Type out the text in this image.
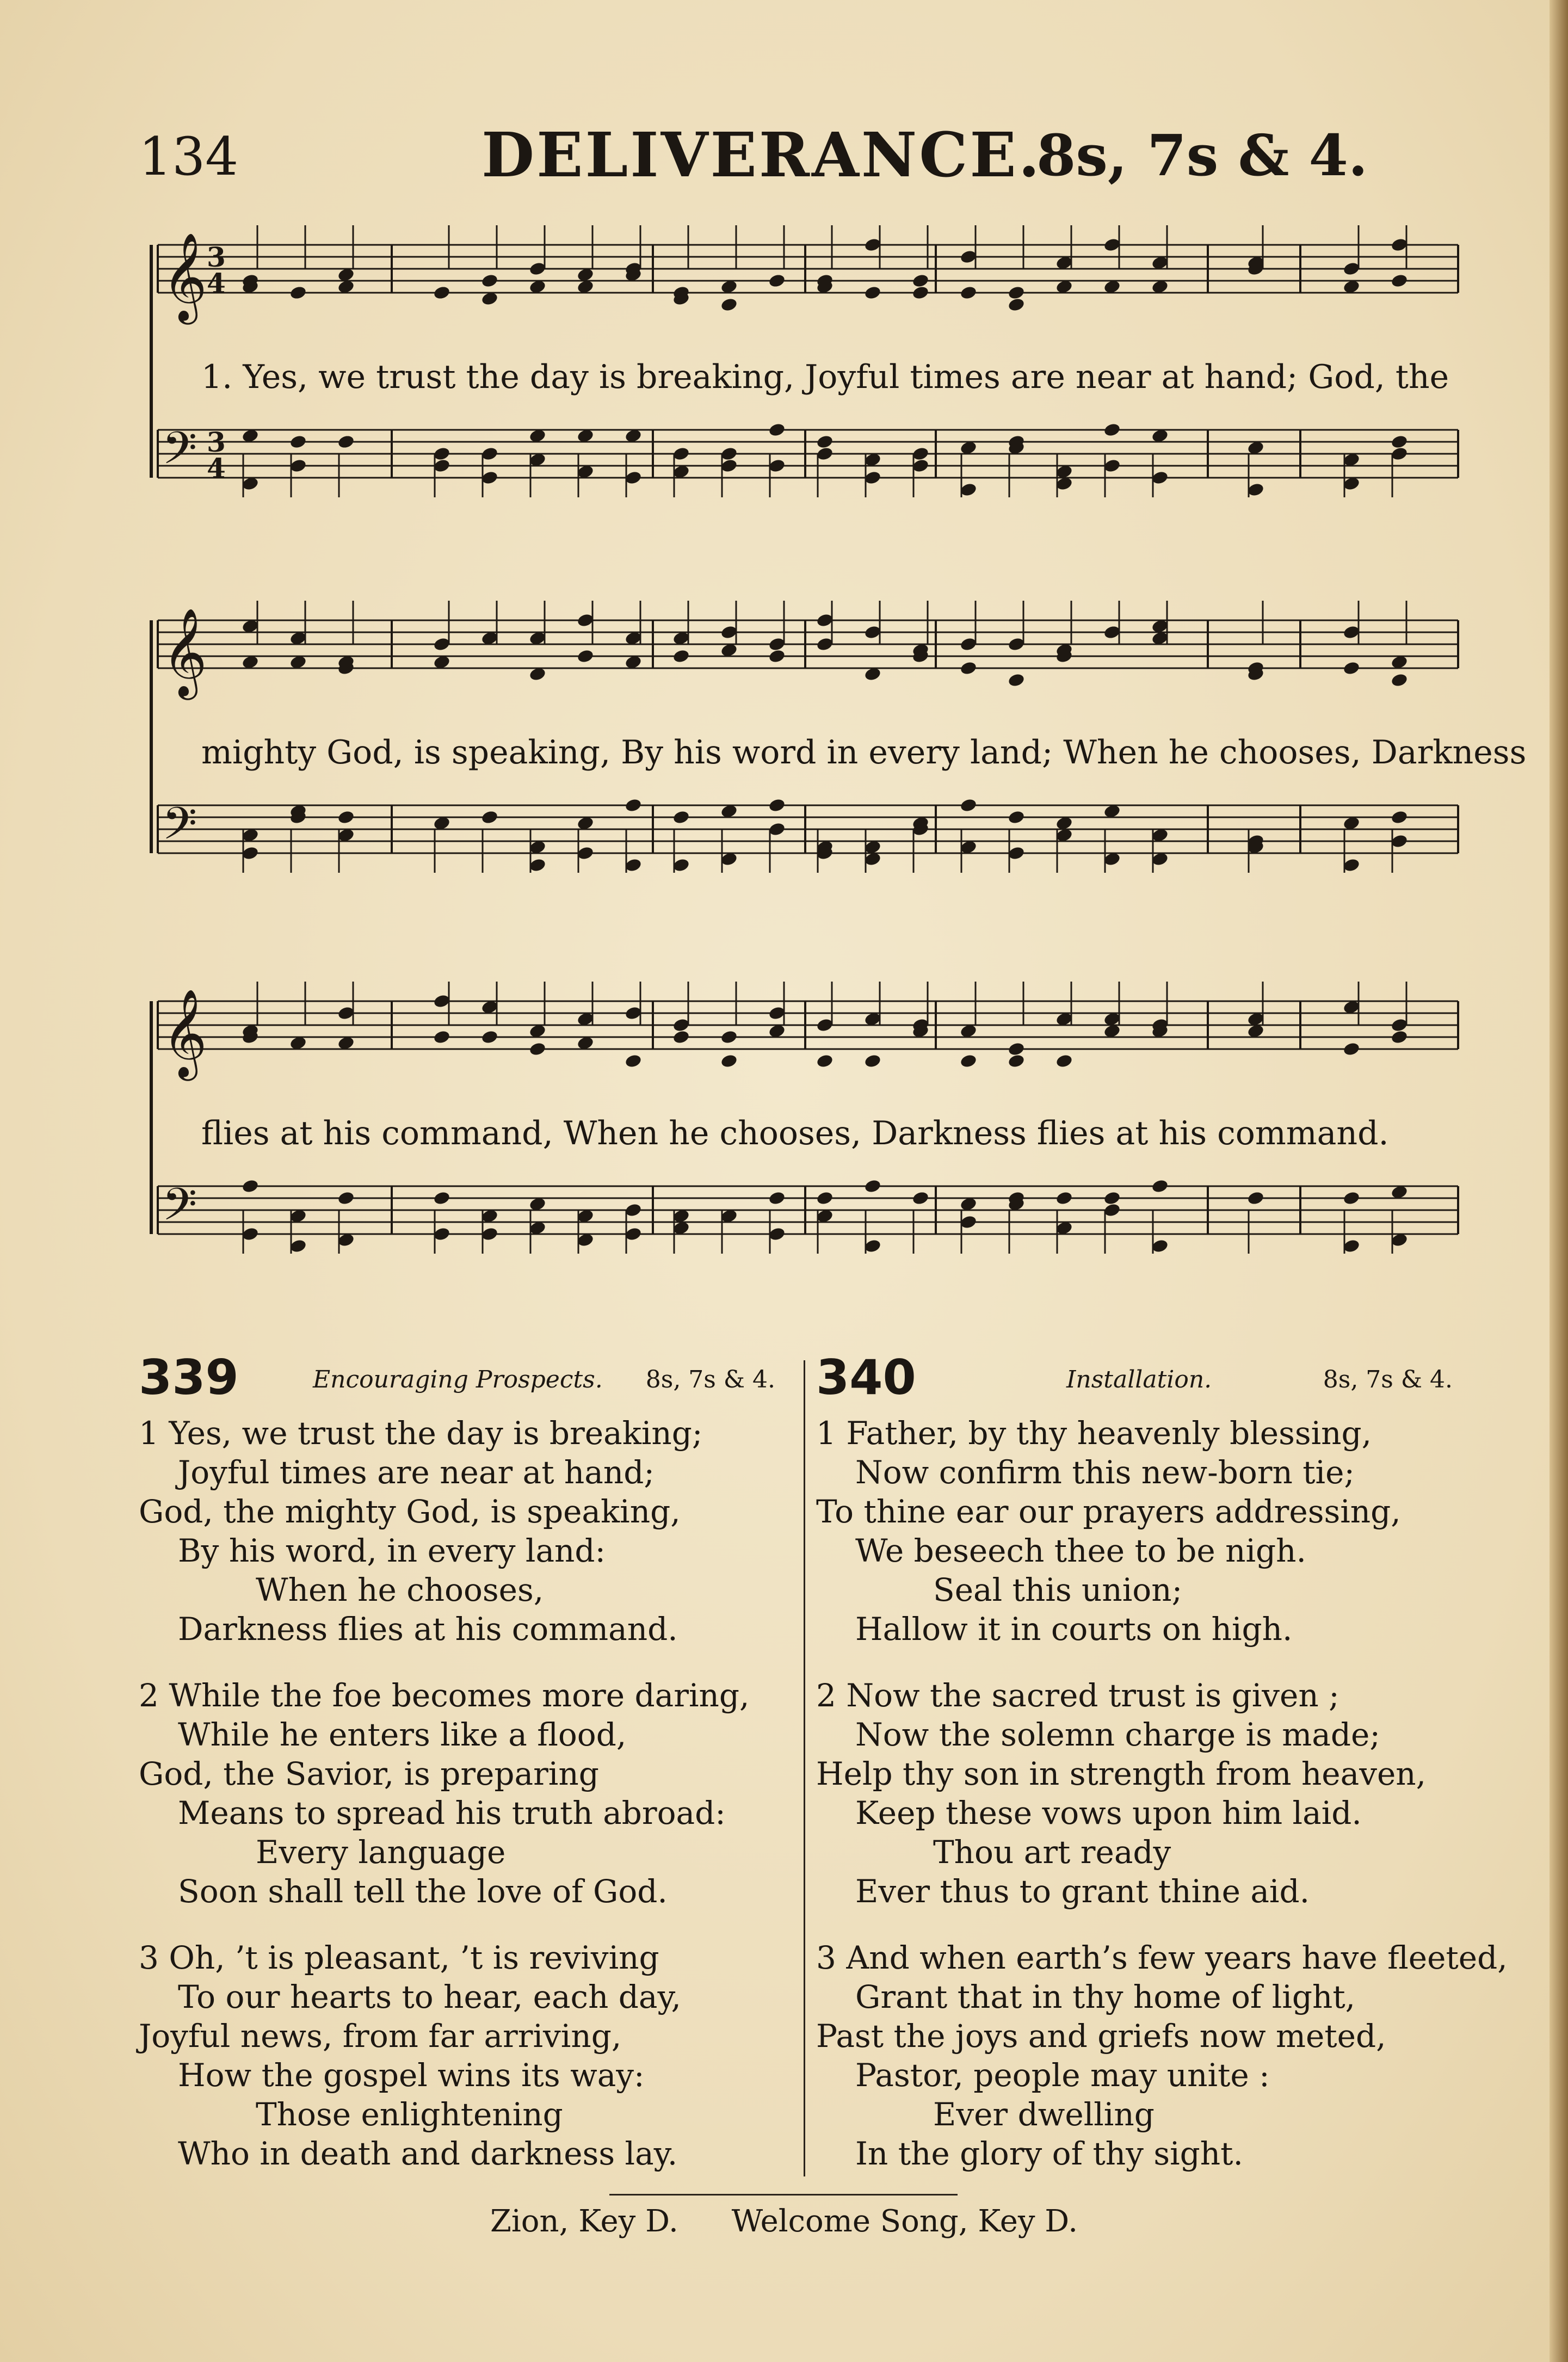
134	DELIVERANCE.
8s, 7s & 4.
𝄞 3
4
𝄢 3
4
1. Yes, we trust the day is breaking, Joyful times are near at hand; God, the
𝄞
𝄢
mighty God, is speaking, By his word in every land; When he chooses, Darkness
𝄞
𝄢
flies at his command, When he chooses, Darkness flies at his command.
339	Encouraging Prospects. 8s, 7s & 4.
1 Yes, we trust the day is breaking;
Joyful times are near at hand;
God, the mighty God, is speaking,
By his word, in every land:
When he chooses,
Darkness flies at his command.
2 While the foe becomes more daring,
While he enters like a flood,
God, the Savior, is preparing
Means to spread his truth abroad:
Every language
Soon shall tell the love of God.
3 Oh, ’t is pleasant, ’t is reviving
To our hearts to hear, each day,
Joyful news, from far arriving,
How the gospel wins its way:
Those enlightening
Who in death and darkness lay.
340	Installation.	8s, 7s & 4.
1 Father, by thy heavenly blessing,
Now confirm this new-born tie;
To thine ear our prayers addressing,
We beseech thee to be nigh.
Seal this union;
Hallow it in courts on high.
2 Now the sacred trust is given ;
Now the solemn charge is made;
Help thy son in strength from heaven,
Keep these vows upon him laid.
Thou art ready
Ever thus to grant thine aid.
3 And when earth’s few years have fleeted,
Grant that in thy home of light,
Past the joys and griefs now meted,
Pastor, people may unite :
Ever dwelling
In the glory of thy sight.
Zion, Key D. Welcome Song, Key D.
